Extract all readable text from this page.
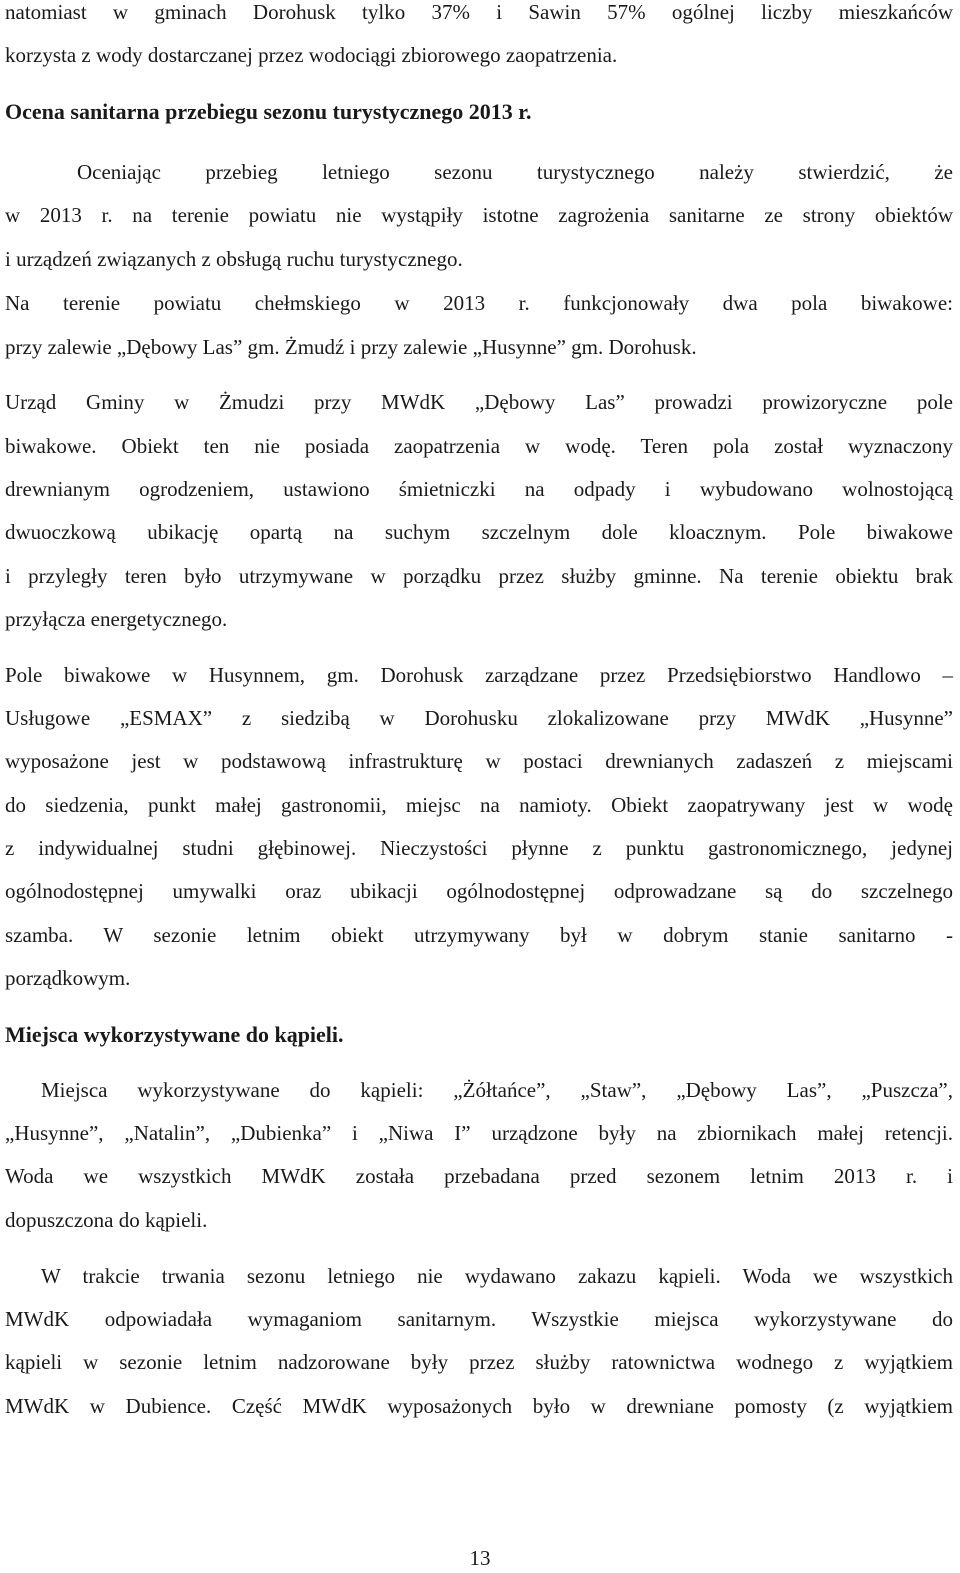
natomiast w gminach Dorohusk tylko 37% i Sawin 57% ogólnej liczby mieszkańców
korzysta z wody dostarczanej przez wodociągi zbiorowego zaopatrzenia.
Ocena sanitarna przebiegu sezonu turystycznego 2013 r.
Oceniając przebieg letniego sezonu turystycznego należy stwierdzić, że
w 2013 r. na terenie powiatu nie wystąpiły istotne zagrożenia sanitarne ze strony obiektów
i urządzeń związanych z obsługą ruchu turystycznego.
Na terenie powiatu chełmskiego w 2013 r. funkcjonowały dwa pola biwakowe:
przy zalewie „Dębowy Las” gm. Żmudź i przy zalewie „Husynne” gm. Dorohusk.
Urząd Gminy w Żmudzi przy MWdK „Dębowy Las” prowadzi prowizoryczne pole
biwakowe. Obiekt ten nie posiada zaopatrzenia w wodę. Teren pola został wyznaczony
drewnianym ogrodzeniem, ustawiono śmietniczki na odpady i wybudowano wolnostojącą
dwuoczkową ubikację opartą na suchym szczelnym dole kloacznym. Pole biwakowe
i przyległy teren było utrzymywane w porządku przez służby gminne. Na terenie obiektu brak
przyłącza energetycznego.
Pole biwakowe w Husynnem, gm. Dorohusk zarządzane przez Przedsiębiorstwo Handlowo –
Usługowe „ESMAX” z siedzibą w Dorohusku zlokalizowane przy MWdK „Husynne”
wyposażone jest w podstawową infrastrukturę w postaci drewnianych zadaszeń z miejscami
do siedzenia, punkt małej gastronomii, miejsc na namioty. Obiekt zaopatrywany jest w wodę
z indywidualnej studni głębinowej. Nieczystości płynne z punktu gastronomicznego, jedynej
ogólnodostępnej umywalki oraz ubikacji ogólnodostępnej odprowadzane są do szczelnego
szamba. W sezonie letnim obiekt utrzymywany był w dobrym stanie sanitarno -
porządkowym.
Miejsca wykorzystywane do kąpieli.
Miejsca wykorzystywane do kąpieli: „Żółtańce”, „Staw”, „Dębowy Las”, „Puszcza”,
„Husynne”, „Natalin”, „Dubienka” i „Niwa I” urządzone były na zbiornikach małej retencji.
Woda we wszystkich MWdK została przebadana przed sezonem letnim 2013 r. i
dopuszczona do kąpieli.
W trakcie trwania sezonu letniego nie wydawano zakazu kąpieli. Woda we wszystkich
MWdK odpowiadała wymaganiom sanitarnym. Wszystkie miejsca wykorzystywane do
kąpieli w sezonie letnim nadzorowane były przez służby ratownictwa wodnego z wyjątkiem
MWdK w Dubience. Część MWdK wyposażonych było w drewniane pomosty (z wyjątkiem
13
